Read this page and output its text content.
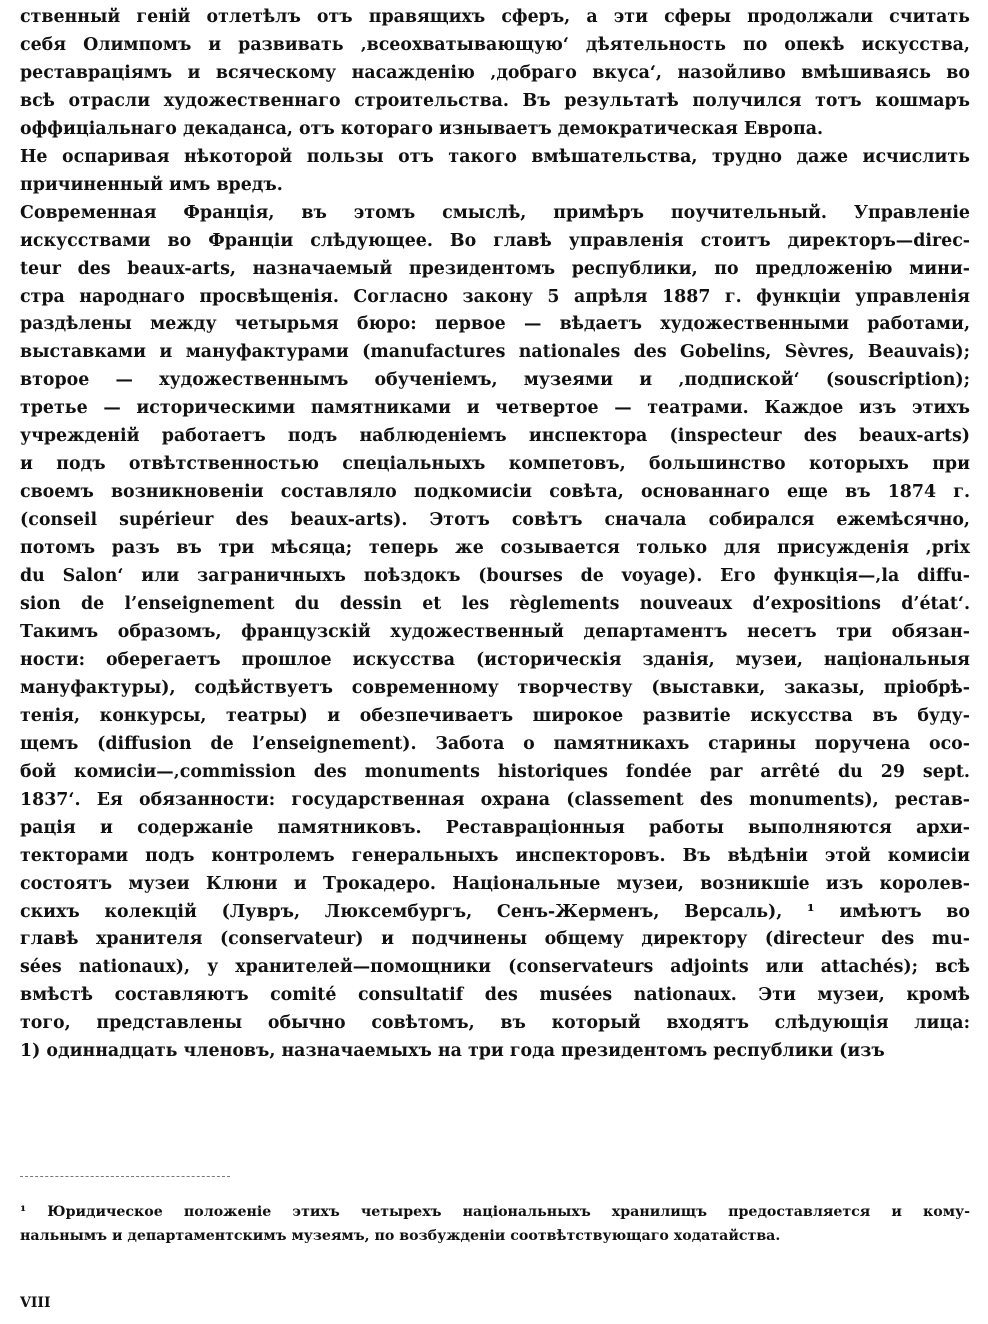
ственный геній отлетѣлъ отъ правящихъ сферъ, а эти сферы продолжали считать
себя Олимпомъ и развивать ‚всеохватывающую‘ дѣятельность по опекѣ искусства,
реставраціямъ и всяческому насажденію ‚добраго вкуса‘, назойливо вмѣшиваясь во
всѣ отрасли художественнаго строительства. Въ результатѣ получился тотъ кошмаръ
оффиціальнаго декаданса, отъ котораго изнываетъ демократическая Европа.
Не оспаривая нѣкоторой пользы отъ такого вмѣшательства, трудно даже исчислить
причиненный имъ вредъ.
Современная Франція, въ этомъ смыслѣ, примѣръ поучительный. Управленіе
искусствами во Франціи слѣдующее. Во главѣ управленія стоитъ директоръ—direc-
teur des beaux-arts, назначаемый президентомъ республики, по предложенію мини-
стра народнаго просвѣщенія. Согласно закону 5 апрѣля 1887 г. функціи управленія
раздѣлены между четырьмя бюро: первое — вѣдаетъ художественными работами,
выставками и мануфактурами (manufactures nationales des Gobelins, Sèvres, Beauvais);
второе — художественнымъ обученіемъ, музеями и ‚подпиской‘ (souscription);
третье — историческими памятниками и четвертое — театрами. Каждое изъ этихъ
учрежденій работаетъ подъ наблюденіемъ инспектора (inspecteur des beaux-arts)
и подъ отвѣтственностью спеціальныхъ компетовъ, большинство которыхъ при
своемъ возникновеніи составляло подкомисіи совѣта, основаннаго еще въ 1874 г.
(conseil supérieur des beaux-arts). Этотъ совѣтъ сначала собирался ежемѣсячно,
потомъ разъ въ три мѣсяца; теперь же созывается только для присужденія ‚prix
du Salon‘ или заграничныхъ поѣздокъ (bourses de voyage). Его функція—‚la diffu-
sion de l’enseignement du dessin et les règlements nouveaux d’expositions d’état‘.
Такимъ образомъ, французскій художественный департаментъ несетъ три обязан-
ности: оберегаетъ прошлое искусства (историческія зданія, музеи, національныя
мануфактуры), содѣйствуетъ современному творчеству (выставки, заказы, пріобрѣ-
тенія, конкурсы, театры) и обезпечиваетъ широкое развитіе искусства въ буду-
щемъ (diffusion de l’enseignement). Забота о памятникахъ старины поручена осо-
бой комисіи—‚commission des monuments historiques fondée par arrêté du 29 sept.
1837‘. Ея обязанности: государственная охрана (classement des monuments), рестав-
рація и содержаніе памятниковъ. Реставраціонныя работы выполняются архи-
текторами подъ контролемъ генеральныхъ инспекторовъ. Въ вѣдѣніи этой комисіи
состоятъ музеи Клюни и Трокадеро. Національные музеи, возникшіе изъ королев-
скихъ колекцій (Лувръ, Люксембургъ, Сенъ-Жерменъ, Версаль), ¹ имѣютъ во
главѣ хранителя (conservateur) и подчинены общему директору (directeur des mu-
sées nationaux), у хранителей—помощники (conservateurs adjoints или attachés); всѣ
вмѣстѣ составляютъ comité consultatif des musées nationaux. Эти музеи, кромѣ
того, представлены обычно совѣтомъ, въ который входятъ слѣдующія лица:
1) одиннадцать членовъ, назначаемыхъ на три года президентомъ республики (изъ
¹ Юридическое положеніе этихъ четырехъ національныхъ хранилищъ предоставляется и кому-
нальнымъ и департаментскимъ музеямъ, по возбужденіи соотвѣтствующаго ходатайства.
VIII
